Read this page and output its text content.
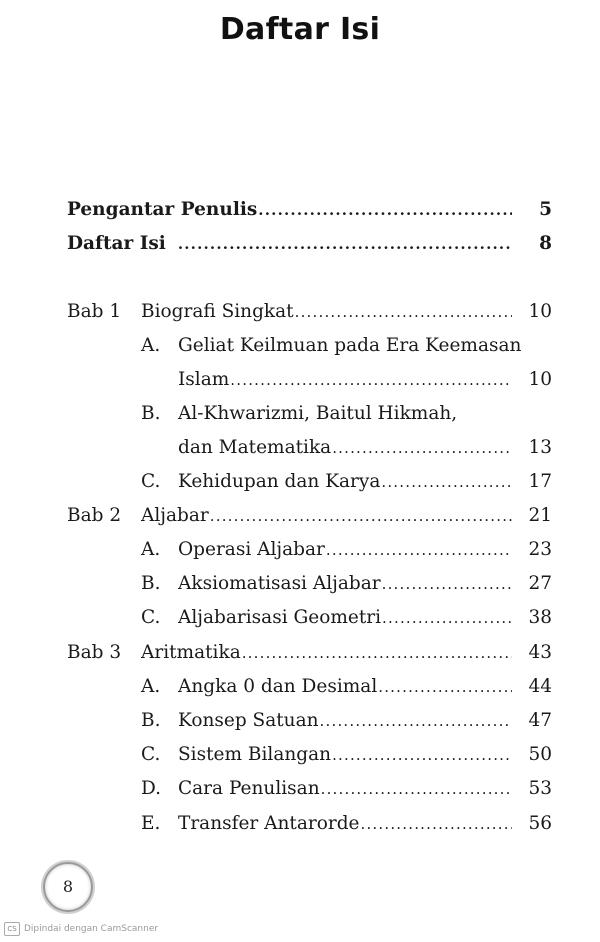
Daftar Isi
Pengantar Penulis .....	5
Daftar Isi .....	8
Bab 1 Biografi Singkat .....	10
A. Geliat Keilmuan pada Era Keemasan
Islam .....	10
B. Al-Khwarizmi, Baitul Hikmah,
dan Matematika .....	13
C. Kehidupan dan Karya .....	17
Bab 2 Aljabar .....	21
A. Operasi Aljabar .....	23
B. Aksiomatisasi Aljabar .....	27
C. Aljabarisasi Geometri .....	38
Bab 3 Aritmatika .....	43
A. Angka 0 dan Desimal .....	44
B. Konsep Satuan .....	47
C. Sistem Bilangan .....	50
D. Cara Penulisan .....	53
E. Transfer Antarorde .....	56
8
CS Dipindai dengan CamScanner
